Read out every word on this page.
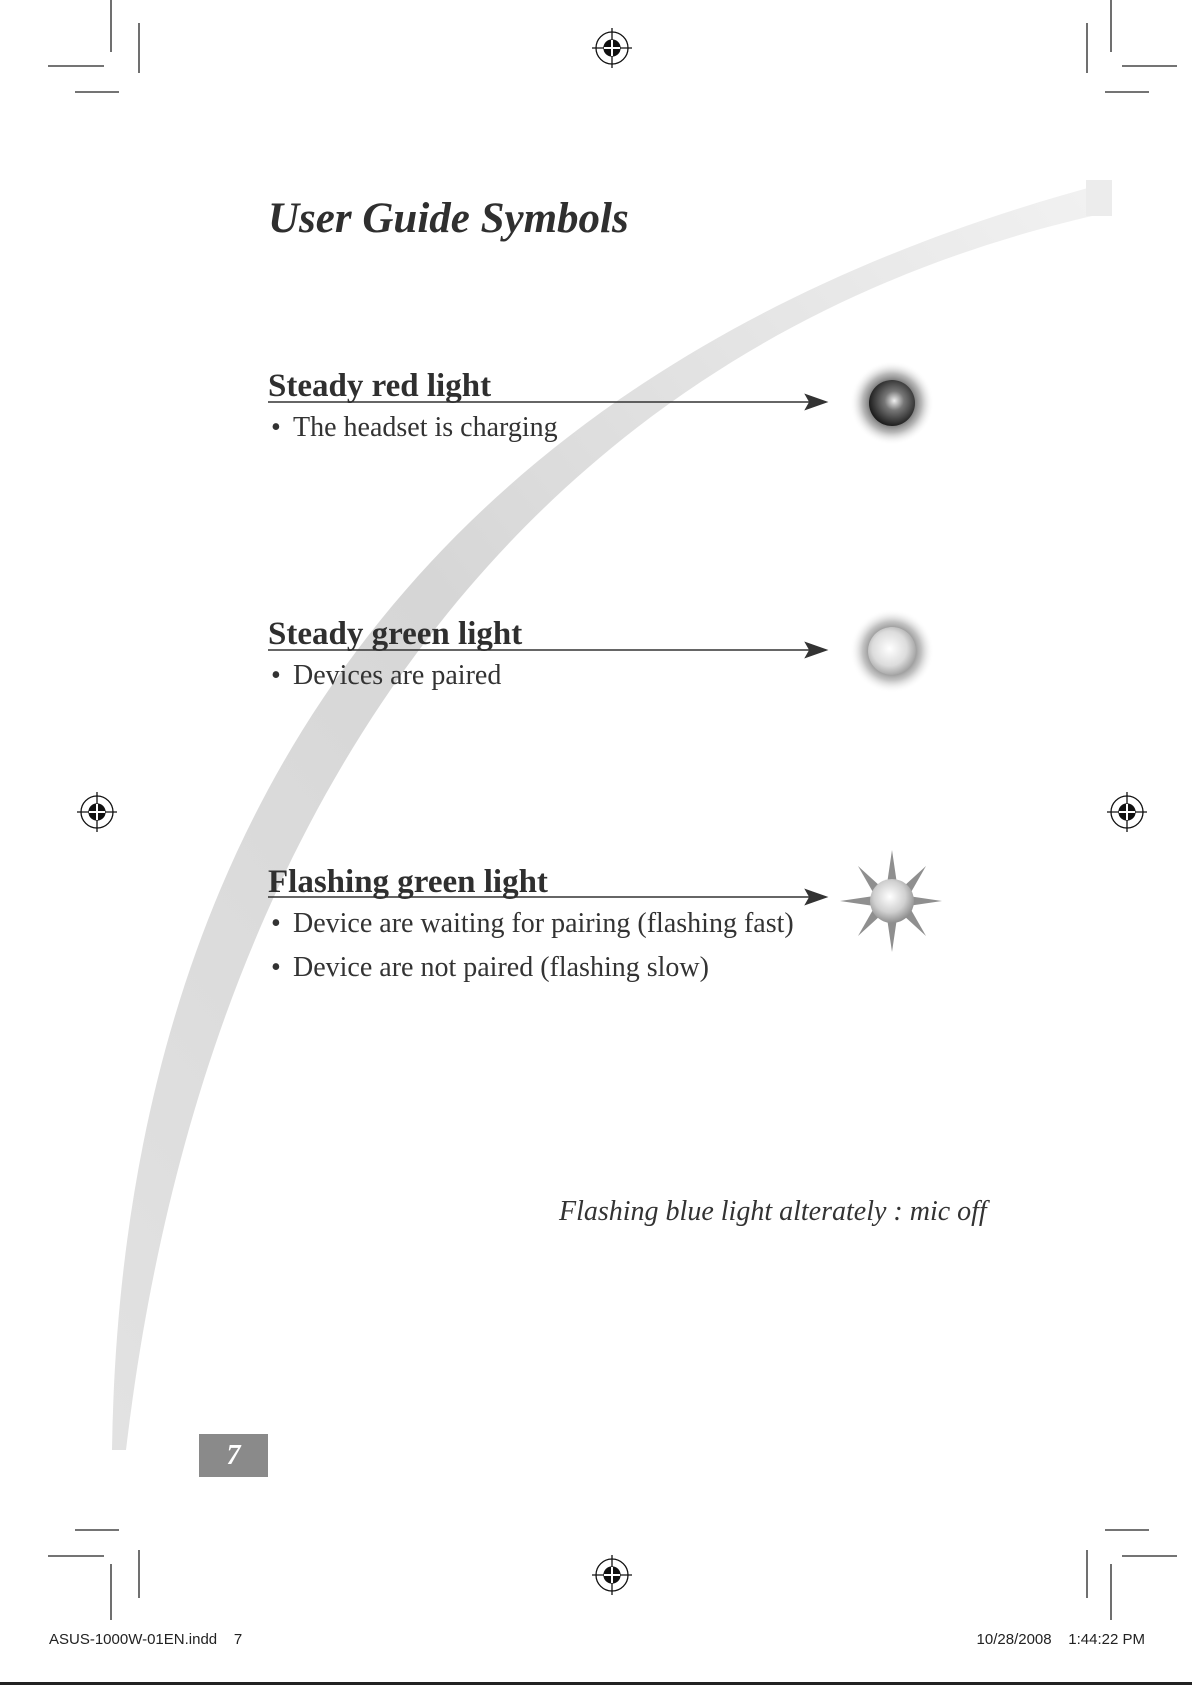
User Guide Symbols
Steady red light

• The headset is charging

Steady green light

• Devices are paired

Flashing green light

• Device are waiting for pairing (flashing fast)

• Device are not paired (flashing slow)

Flashing blue light alterately : mic off

7

ASUS-1000W-01EN.indd 7	10/28/2008 1:44:22 PM
